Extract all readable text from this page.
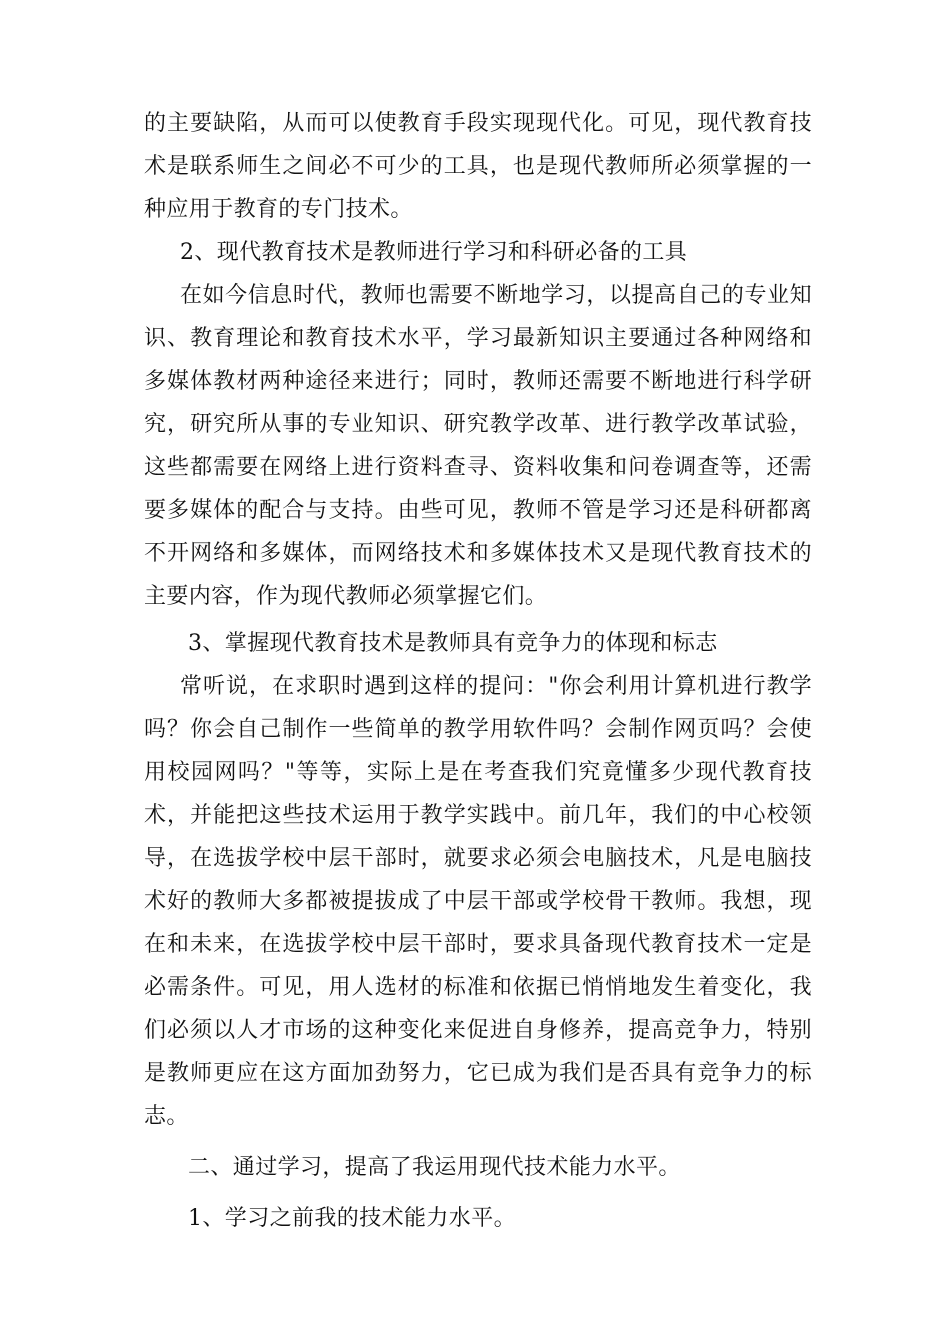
的主要缺陷，从而可以使教育手段实现现代化。可见，现代教育技术是联系师生之间必不可少的工具，也是现代教师所必须掌握的一种应用于教育的专门技术。

2、现代教育技术是教师进行学习和科研必备的工具

在如今信息时代，教师也需要不断地学习，以提高自己的专业知识、教育理论和教育技术水平，学习最新知识主要通过各种网络和多媒体教材两种途径来进行；同时，教师还需要不断地进行科学研究，研究所从事的专业知识、研究教学改革、进行教学改革试验，这些都需要在网络上进行资料查寻、资料收集和问卷调查等，还需要多媒体的配合与支持。由些可见，教师不管是学习还是科研都离不开网络和多媒体，而网络技术和多媒体技术又是现代教育技术的主要内容，作为现代教师必须掌握它们。

3、掌握现代教育技术是教师具有竞争力的体现和标志

常听说，在求职时遇到这样的提问："你会利用计算机进行教学吗？你会自己制作一些简单的教学用软件吗？会制作网页吗？会使用校园网吗？"等等，实际上是在考查我们究竟懂多少现代教育技术，并能把这些技术运用于教学实践中。前几年，我们的中心校领导，在选拔学校中层干部时，就要求必须会电脑技术，凡是电脑技术好的教师大多都被提拔成了中层干部或学校骨干教师。我想，现在和未来，在选拔学校中层干部时，要求具备现代教育技术一定是必需条件。可见，用人选材的标准和依据已悄悄地发生着变化，我们必须以人才市场的这种变化来促进自身修养，提高竞争力，特别是教师更应在这方面加劲努力，它已成为我们是否具有竞争力的标志。

二、通过学习，提高了我运用现代技术能力水平。

1、学习之前我的技术能力水平。
